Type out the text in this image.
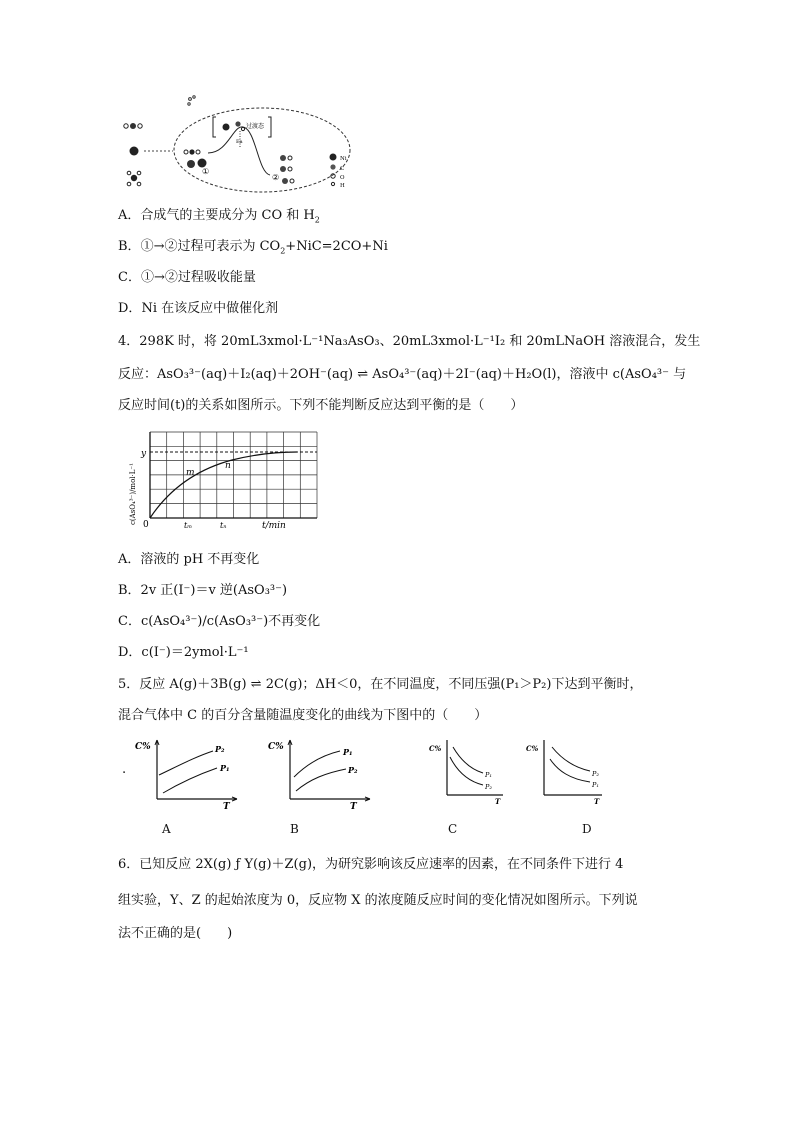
过渡态
Ea
①
②
Ni
C
O
H
A．合成气的主要成分为 CO 和 $H_2$
B．①→②过程可表示为 $CO_2+NiC=2CO+Ni$
C．①→②过程吸收能量
D．Ni 在该反应中做催化剂
4．298K 时，将 20mL3xmol·L⁻¹Na₃AsO₃、20mL3xmol·L⁻¹I₂ 和 20mLNaOH 溶液混合，发生
反应：AsO₃³⁻(aq)＋I₂(aq)＋2OH⁻(aq) ⇌ AsO₄³⁻(aq)＋2I⁻(aq)＋H₂O(l)，溶液中 c(AsO₄³⁻ 与
反应时间(t)的关系如图所示。下列不能判断反应达到平衡的是（　　）
y
0
m
n
tₘ	tₙ	t/min
c(AsO₄³⁻)/mol·L⁻¹
A．溶液的 pH 不再变化
B．2v 正(I⁻)＝v 逆(AsO₃³⁻)
C．c(AsO₄³⁻)/c(AsO₃³⁻)不再变化
D．c(I⁻)＝2ymol·L⁻¹
5．反应 A(g)＋3B(g) ⇌ 2C(g)；ΔH＜0，在不同温度，不同压强(P₁＞P₂)下达到平衡时，
混合气体中 C 的百分含量随温度变化的曲线为下图中的（　　）
.
C%
T
P₂
P₁
C%
T
P₁
P₂
C%
T
P₁
P₂
C%
T
P₂
P₁
A	B	C	D
6．已知反应 2X(g) ƒ Y(g)＋Z(g)，为研究影响该反应速率的因素，在不同条件下进行 4
组实验，Y、Z 的起始浓度为 0，反应物 X 的浓度随反应时间的变化情况如图所示。下列说
法不正确的是(　　)
